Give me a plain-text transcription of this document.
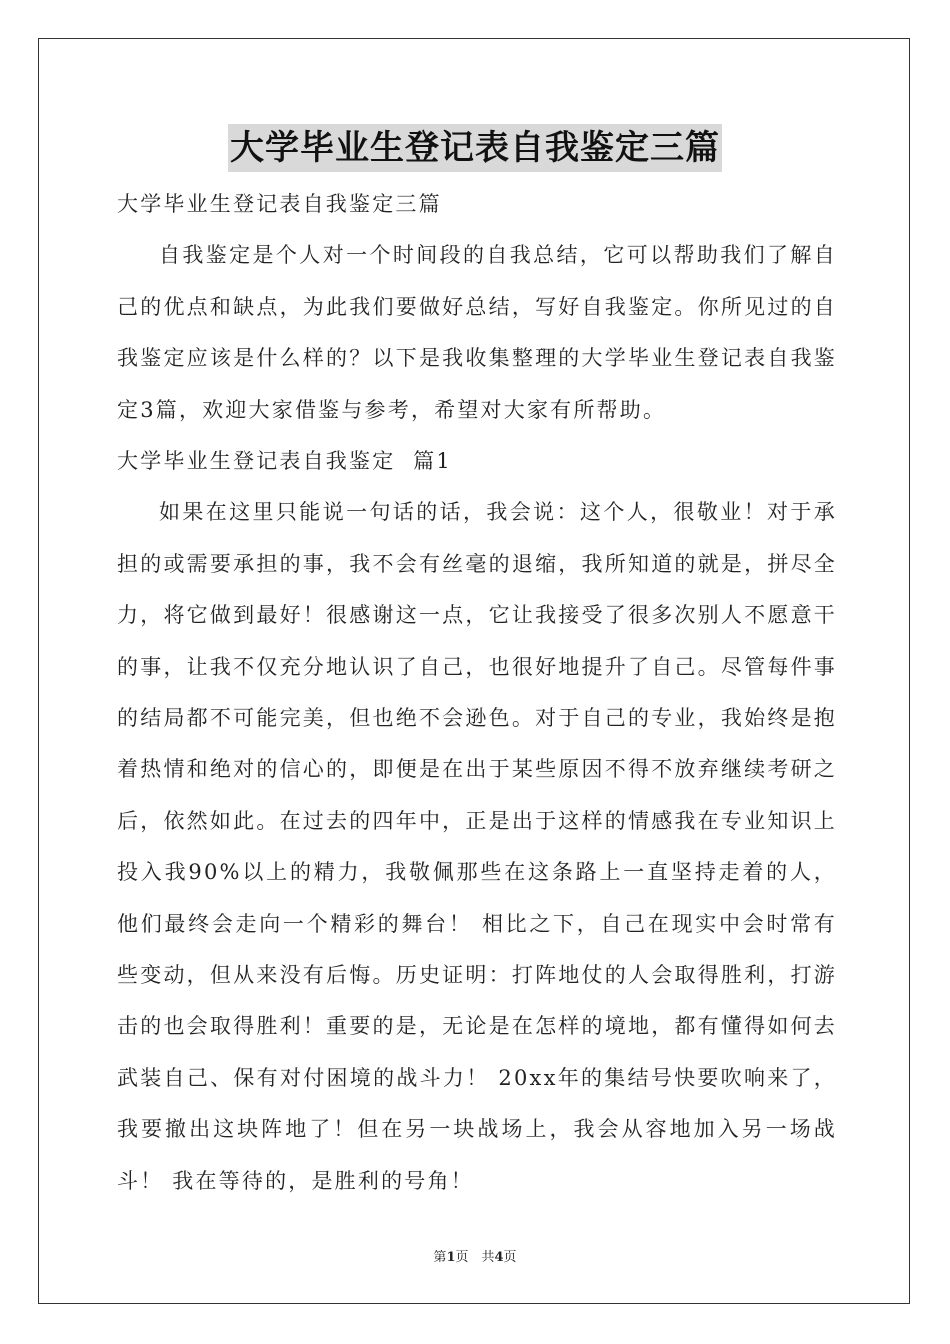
大学毕业生登记表自我鉴定三篇
大学毕业生登记表自我鉴定三篇

自我鉴定是个人对一个时间段的自我总结，它可以帮助我们了解自己的优点和缺点，为此我们要做好总结，写好自我鉴定。你所见过的自我鉴定应该是什么样的？以下是我收集整理的大学毕业生登记表自我鉴定3篇，欢迎大家借鉴与参考，希望对大家有所帮助。

大学毕业生登记表自我鉴定  篇1

如果在这里只能说一句话的话，我会说：这个人，很敬业！对于承担的或需要承担的事，我不会有丝毫的退缩，我所知道的就是，拼尽全力，将它做到最好！很感谢这一点，它让我接受了很多次别人不愿意干的事，让我不仅充分地认识了自己，也很好地提升了自己。尽管每件事的结局都不可能完美，但也绝不会逊色。对于自己的专业，我始终是抱着热情和绝对的信心的，即便是在出于某些原因不得不放弃继续考研之后，依然如此。在过去的四年中，正是出于这样的情感我在专业知识上投入我90%以上的精力，我敬佩那些在这条路上一直坚持走着的人，他们最终会走向一个精彩的舞台！ 相比之下，自己在现实中会时常有些变动，但从来没有后悔。历史证明：打阵地仗的人会取得胜利，打游击的也会取得胜利！重要的是，无论是在怎样的境地，都有懂得如何去武装自己、保有对付困境的战斗力！ 20xx年的集结号快要吹响来了，我要撤出这块阵地了！但在另一块战场上，我会从容地加入另一场战斗！ 我在等待的，是胜利的号角！

第1页　共4页
